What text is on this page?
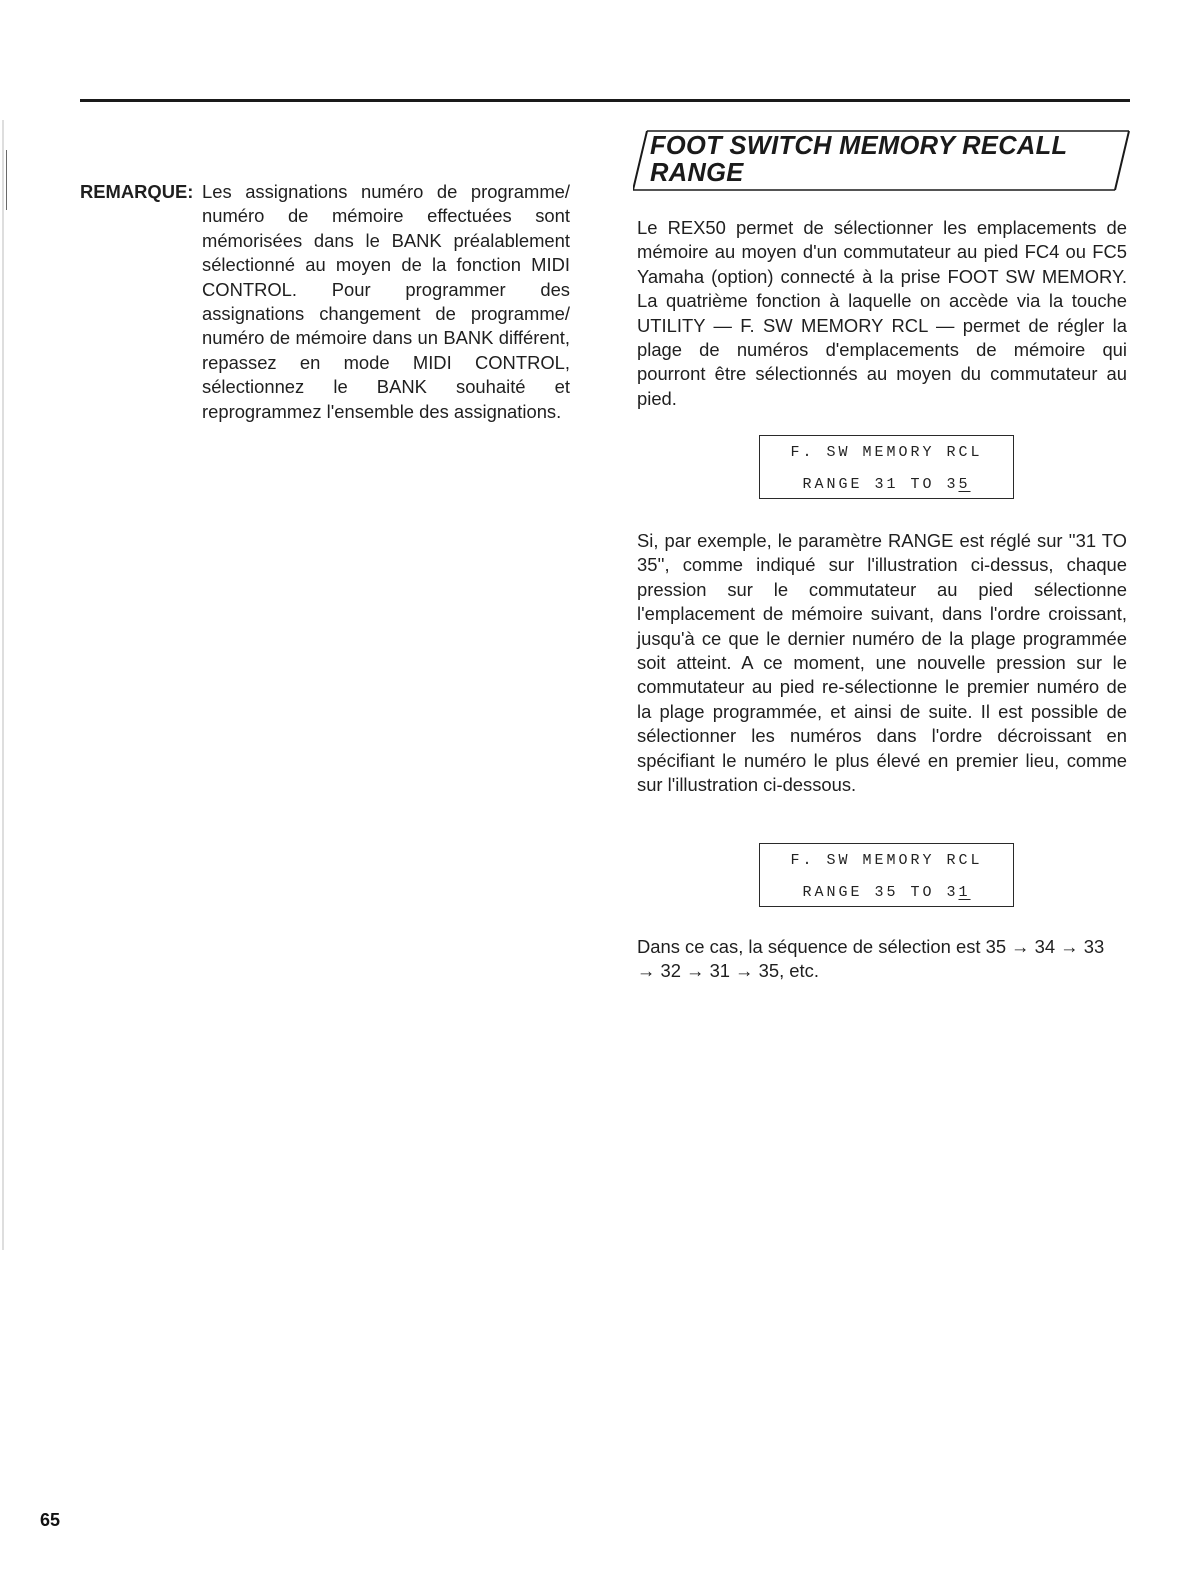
REMARQUE: Les assignations numéro de programme/ numéro de mémoire effectuées sont mémorisées dans le BANK préalablement sélectionné au moyen de la fonction MIDI CONTROL. Pour programmer des assignations changement de programme/ numéro de mémoire dans un BANK différent, repassez en mode MIDI CONTROL, sélectionnez le BANK souhaité et reprogrammez l'ensemble des assignations.
FOOT SWITCH MEMORY RECALL RANGE
Le REX50 permet de sélectionner les emplacements de mémoire au moyen d'un commutateur au pied FC4 ou FC5 Yamaha (option) connecté à la prise FOOT SW MEMORY. La quatrième fonction à laquelle on accède via la touche UTILITY — F. SW MEMORY RCL — permet de régler la plage de numéros d'emplacements de mémoire qui pourront être sélectionnés au moyen du commutateur au pied.
F. SW MEMORY RCL
RANGE 31 TO 35
Si, par exemple, le paramètre RANGE est réglé sur ''31 TO 35'', comme indiqué sur l'illustration ci-dessus, chaque pression sur le commutateur au pied sélectionne l'emplacement de mémoire suivant, dans l'ordre croissant, jusqu'à ce que le dernier numéro de la plage programmée soit atteint. A ce moment, une nouvelle pression sur le commutateur au pied re-sélectionne le premier numéro de la plage programmée, et ainsi de suite. Il est possible de sélectionner les numéros dans l'ordre décroissant en spécifiant le numéro le plus élevé en premier lieu, comme sur l'illustration ci-dessous.
F. SW MEMORY RCL
RANGE 35 TO 31
Dans ce cas, la séquence de sélection est 35 → 34 → 33 → 32 → 31 → 35, etc.
65
